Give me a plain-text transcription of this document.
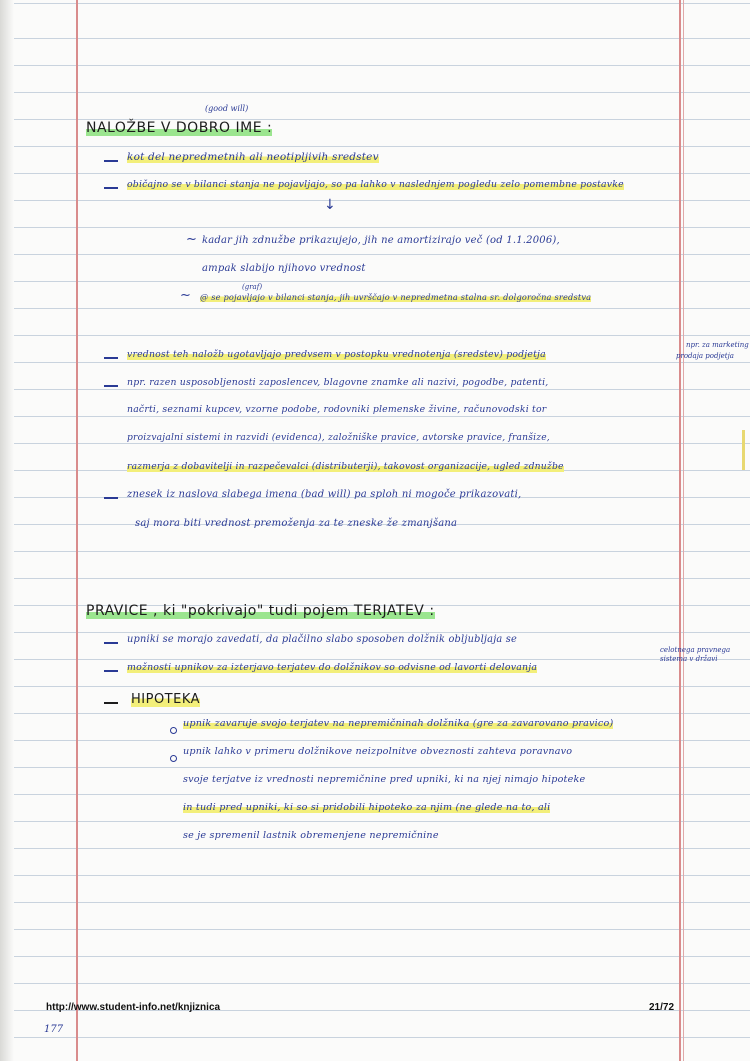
(good will)
NALOŽBE V DOBRO IME :
kot del nepredmetnih ali neotipljivih sredstev
običajno se v bilanci stanja ne pojavljajo, so pa lahko v naslednjem pogledu zelo pomembne postavke
↓
~ kadar jih zdnužbe prikazujejo, jih ne amortizirajo več (od 1.1.2006),
ampak slabijo njihovo vrednost
(graf)
~ @ se pojavljajo v bilanci stanja, jih uvrščajo v nepredmetna stalna sr. dolgoročna sredstva
vrednost teh naložb ugotavljajo predvsem v postopku vrednotenja (sredstev) podjetja
npr. za marketing
prodaja podjetja
npr. razen usposobljenosti zaposlencev, blagovne znamke ali nazivi, pogodbe, patenti,
načrti, seznami kupcev, vzorne podobe, rodovniki plemenske živine, računovodski tor
proizvajalni sistemi in razvidi (evidenca), založniške pravice, avtorske pravice, franšize,
razmerja z dobavitelji in razpečevalci (distributerji), takovost organizacije, ugled zdnužbe
znesek iz naslova slabega imena (bad will) pa sploh ni mogoče prikazovati,
saj mora biti vrednost premoženja za te zneske že zmanjšana
PRAVICE , ki "pokrivajo" tudi pojem TERJATEV :
upniki se morajo zavedati, da plačilno slabo sposoben dolžnik obljubljaja se
možnosti upnikov za izterjavo terjatev do dolžnikov so odvisne od lavorti delovanja
celotnega pravnega sistema v državi
HIPOTEKA
upnik zavaruje svojo terjatev na nepremičninah dolžnika (gre za zavarovano pravico)
upnik lahko v primeru dolžnikove neizpolnitve obveznosti zahteva poravnavo
svoje terjatve iz vrednosti nepremičnine pred upniki, ki na njej nimajo hipoteke
in tudi pred upniki, ki so si pridobili hipoteko za njim (ne glede na to, ali
se je spremenil lastnik obremenjene nepremičnine
http://www.student-info.net/knjiznica	21/72
177
